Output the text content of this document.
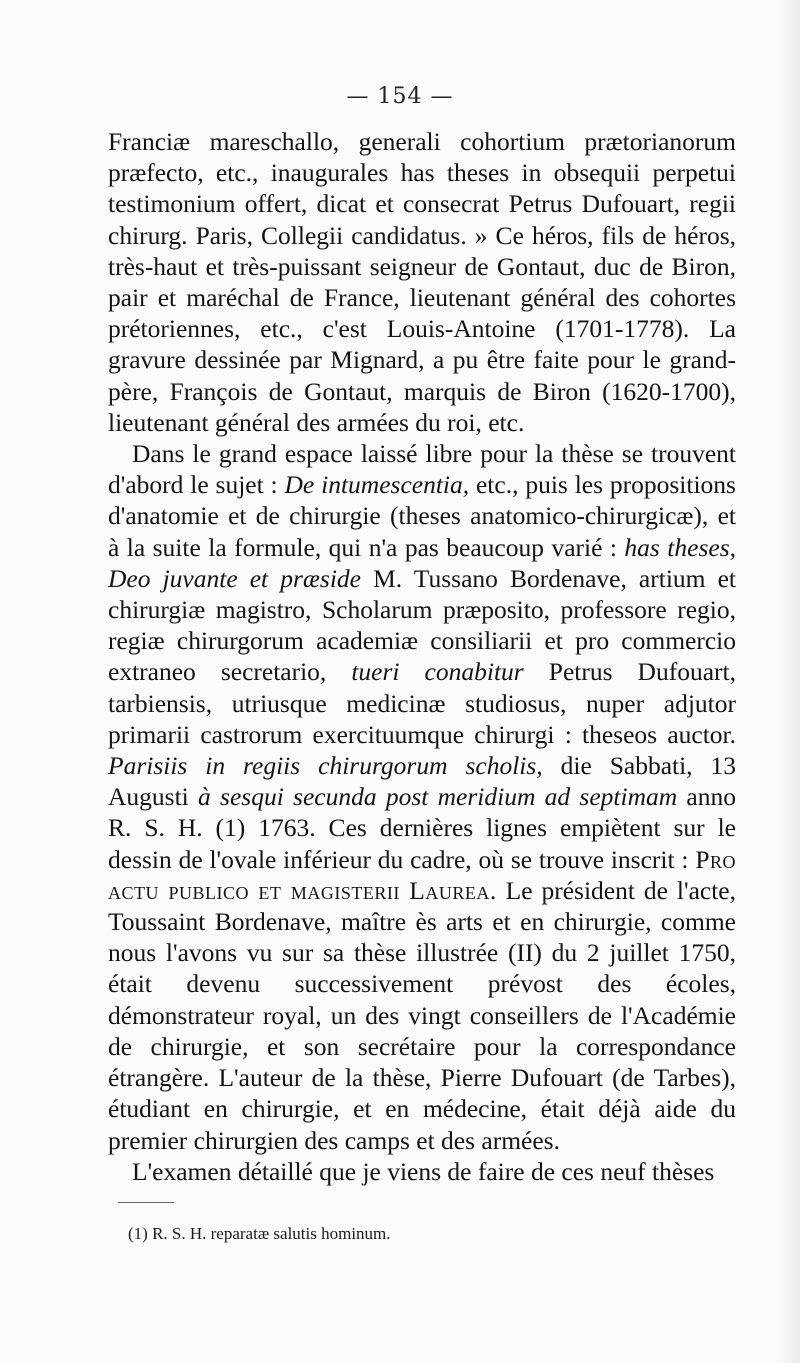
— 154 —

Franciæ mareschallo, generali cohortium prætorianorum præfecto, etc., inaugurales has theses in obsequii perpetui testimonium offert, dicat et consecrat Petrus Dufouart, regii chirurg. Paris, Collegii candidatus. » Ce héros, fils de héros, très-haut et très-puissant seigneur de Gontaut, duc de Biron, pair et maréchal de France, lieutenant général des cohortes prétoriennes, etc., c'est Louis-Antoine (1701-1778). La gravure dessinée par Mignard, a pu être faite pour le grand-père, François de Gontaut, marquis de Biron (1620-1700), lieutenant général des armées du roi, etc.

Dans le grand espace laissé libre pour la thèse se trouvent d'abord le sujet : De intumescentia, etc., puis les propositions d'anatomie et de chirurgie (theses anatomico-chirurgicæ), et à la suite la formule, qui n'a pas beaucoup varié : has theses, Deo juvante et præside M. Tussano Bordenave, artium et chirurgiæ magistro, Scholarum præposito, professore regio, regiæ chirurgorum academiæ consiliarii et pro commercio extraneo secretario, tueri conabitur Petrus Dufouart, tarbiensis, utriusque medicinæ studiosus, nuper adjutor primarii castrorum exercituumque chirurgi : theseos auctor. Parisiis in regiis chirurgorum scholis, die Sabbati, 13 Augusti à sesqui secunda post meridium ad septimam anno R. S. H. (1) 1763. Ces dernières lignes empiètent sur le dessin de l'ovale inférieur du cadre, où se trouve inscrit : Pro actu publico et magisterii Laurea. Le président de l'acte, Toussaint Bordenave, maître ès arts et en chirurgie, comme nous l'avons vu sur sa thèse illustrée (II) du 2 juillet 1750, était devenu successivement prévost des écoles, démonstrateur royal, un des vingt conseillers de l'Académie de chirurgie, et son secrétaire pour la correspondance étrangère. L'auteur de la thèse, Pierre Dufouart (de Tarbes), étudiant en chirurgie, et en médecine, était déjà aide du premier chirurgien des camps et des armées.

L'examen détaillé que je viens de faire de ces neuf thèses

(1) R. S. H. reparatæ salutis hominum.
